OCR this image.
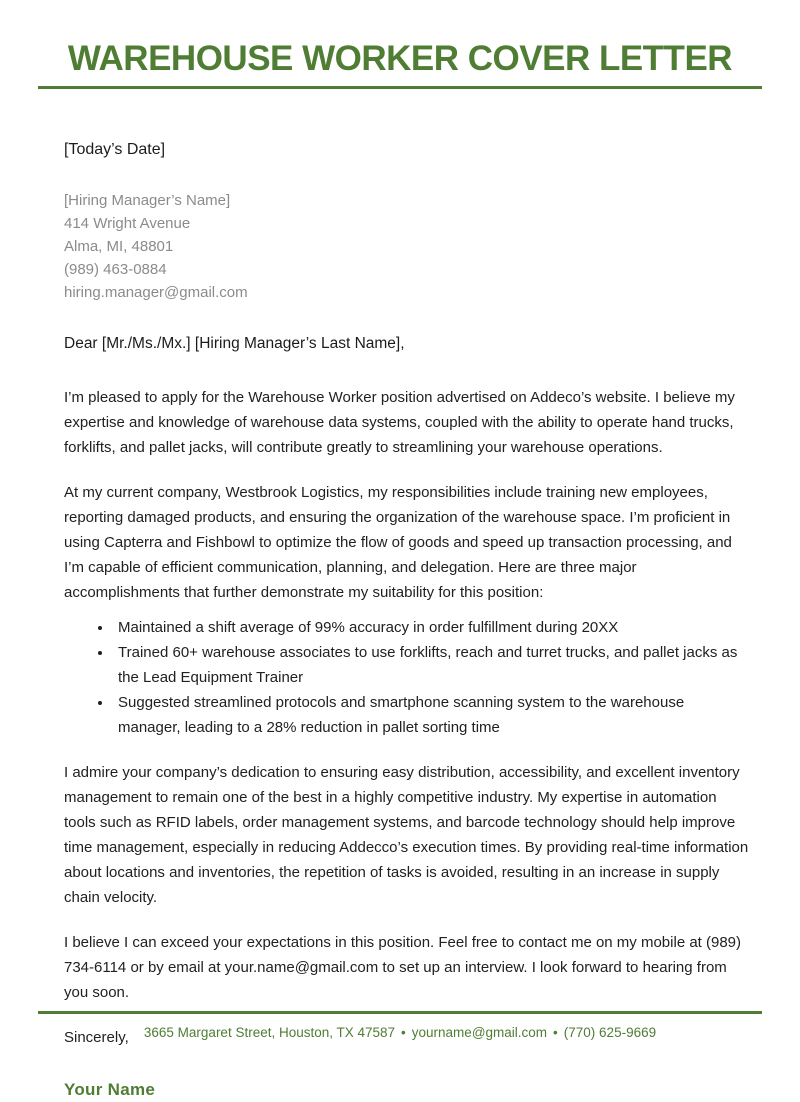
WAREHOUSE WORKER COVER LETTER
[Today’s Date]
[Hiring Manager’s Name]
414 Wright Avenue
Alma, MI, 48801
(989) 463-0884
hiring.manager@gmail.com
Dear [Mr./Ms./Mx.] [Hiring Manager’s Last Name],

I’m pleased to apply for the Warehouse Worker position advertised on Addeco’s website. I believe my expertise and knowledge of warehouse data systems, coupled with the ability to operate hand trucks, forklifts, and pallet jacks, will contribute greatly to streamlining your warehouse operations.

At my current company, Westbrook Logistics, my responsibilities include training new employees, reporting damaged products, and ensuring the organization of the warehouse space. I’m proficient in using Capterra and Fishbowl to optimize the flow of goods and speed up transaction processing, and I’m capable of efficient communication, planning, and delegation. Here are three major accomplishments that further demonstrate my suitability for this position:

• Maintained a shift average of 99% accuracy in order fulfillment during 20XX
• Trained 60+ warehouse associates to use forklifts, reach and turret trucks, and pallet jacks as the Lead Equipment Trainer
• Suggested streamlined protocols and smartphone scanning system to the warehouse manager, leading to a 28% reduction in pallet sorting time

I admire your company’s dedication to ensuring easy distribution, accessibility, and excellent inventory management to remain one of the best in a highly competitive industry. My expertise in automation tools such as RFID labels, order management systems, and barcode technology should help improve time management, especially in reducing Addecco’s execution times. By providing real-time information about locations and inventories, the repetition of tasks is avoided, resulting in an increase in supply chain velocity.

I believe I can exceed your expectations in this position. Feel free to contact me on my mobile at (989) 734-6114 or by email at your.name@gmail.com to set up an interview. I look forward to hearing from you soon.

Sincerely,

Your Name
3665 Margaret Street, Houston, TX 47587 • yourname@gmail.com • (770) 625-9669
